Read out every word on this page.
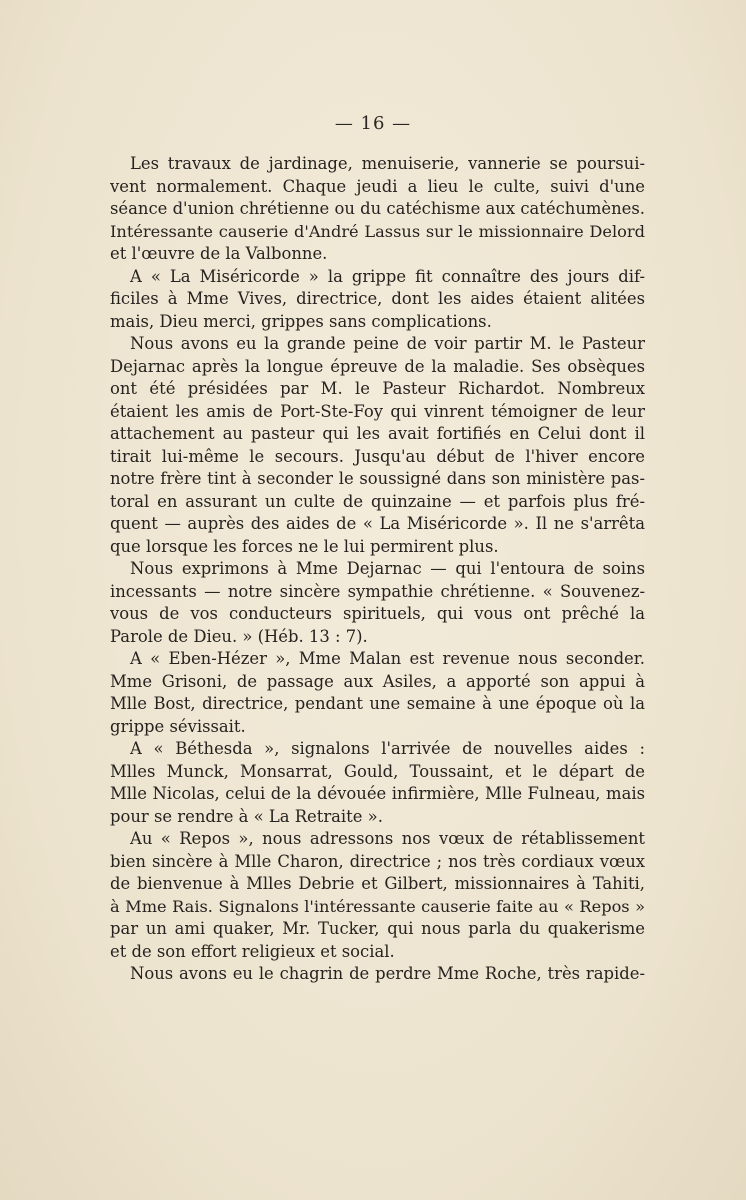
— 16 —
Les travaux de jardinage, menuiserie, vannerie se poursui-
vent normalement. Chaque jeudi a lieu le culte, suivi d'une
séance d'union chrétienne ou du catéchisme aux catéchumènes.
Intéressante causerie d'André Lassus sur le missionnaire Delord
et l'œuvre de la Valbonne.
A « La Miséricorde » la grippe fit connaître des jours dif-
ficiles à Mme Vives, directrice, dont les aides étaient alitées
mais, Dieu merci, grippes sans complications.
Nous avons eu la grande peine de voir partir M. le Pasteur
Dejarnac après la longue épreuve de la maladie. Ses obsèques
ont été présidées par M. le Pasteur Richardot. Nombreux
étaient les amis de Port-Ste-Foy qui vinrent témoigner de leur
attachement au pasteur qui les avait fortifiés en Celui dont il
tirait lui-même le secours. Jusqu'au début de l'hiver encore
notre frère tint à seconder le soussigné dans son ministère pas-
toral en assurant un culte de quinzaine — et parfois plus fré-
quent — auprès des aides de « La Miséricorde ». Il ne s'arrêta
que lorsque les forces ne le lui permirent plus.
Nous exprimons à Mme Dejarnac — qui l'entoura de soins
incessants — notre sincère sympathie chrétienne. « Souvenez-
vous de vos conducteurs spirituels, qui vous ont prêché la
Parole de Dieu. » (Héb. 13 : 7).
A « Eben-Hézer », Mme Malan est revenue nous seconder.
Mme Grisoni, de passage aux Asiles, a apporté son appui à
Mlle Bost, directrice, pendant une semaine à une époque où la
grippe sévissait.
A « Béthesda », signalons l'arrivée de nouvelles aides :
Mlles Munck, Monsarrat, Gould, Toussaint, et le départ de
Mlle Nicolas, celui de la dévouée infirmière, Mlle Fulneau, mais
pour se rendre à « La Retraite ».
Au « Repos », nous adressons nos vœux de rétablissement
bien sincère à Mlle Charon, directrice ; nos très cordiaux vœux
de bienvenue à Mlles Debrie et Gilbert, missionnaires à Tahiti,
à Mme Rais. Signalons l'intéressante causerie faite au « Repos »
par un ami quaker, Mr. Tucker, qui nous parla du quakerisme
et de son effort religieux et social.
Nous avons eu le chagrin de perdre Mme Roche, très rapide-
